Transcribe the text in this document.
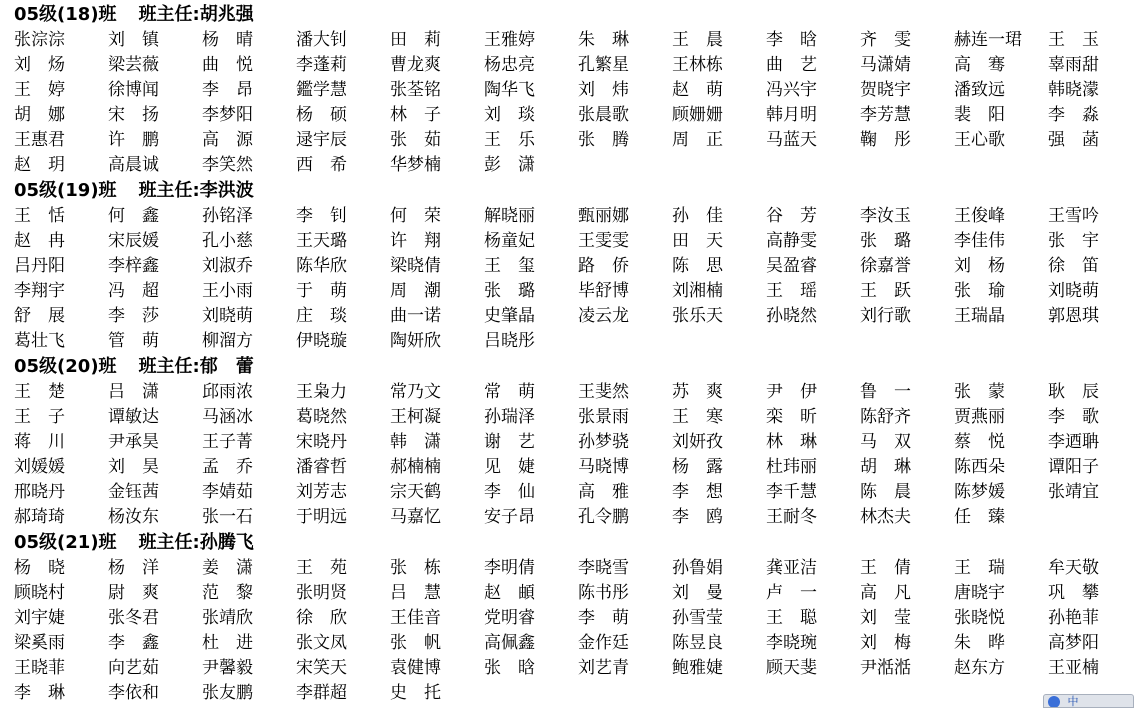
05级(18)班 班主任:胡兆强
张淙淙	刘　镇	杨　晴	潘大钊	田　莉	王雅婷	朱　琳	王　晨	李　晗	齐　雯	赫连一珺	王　玉
刘　炀	梁芸薇	曲　悦	李蓬莉	曹龙爽	杨忠亮	孔繁星	王林栋	曲　艺	马潇婧	高　骞	辜雨甜
王　婷	徐博闻	李　昂	鑑学慧	张荃铭	陶华飞	刘　炜	赵　萌	冯兴宇	贺晓宇	潘致远	韩晓濛
胡　娜	宋　扬	李梦阳	杨　硕	林　子	刘　琰	张晨歌	顾姗姗	韩月明	李芳慧	裴　阳	李　淼
王惠君	许　鹏	高　源	逯宇辰	张　茹	王　乐	张　腾	周　正	马蓝天	鞠　彤	王心歌	强　菡
赵　玥	高晨诚	李笑然	西　希	华梦楠	彭　潇
05级(19)班 班主任:李洪波
王　恬	何　鑫	孙铭泽	李　钊	何　荣	解晓丽	甄丽娜	孙　佳	谷　芳	李汝玉	王俊峰	王雪吟
赵　冉	宋辰媛	孔小慈	王天璐	许　翔	杨童妃	王雯雯	田　天	高静雯	张　璐	李佳伟	张　宇
吕丹阳	李梓鑫	刘淑乔	陈华欣	梁晓倩	王　玺	路　侨	陈　思	吴盈睿	徐嘉誉	刘　杨	徐　笛
李翔宇	冯　超	王小雨	于　萌	周　潮	张　璐	毕舒博	刘湘楠	王　瑶	王　跃	张　瑜	刘晓萌
舒　展	李　莎	刘晓萌	庄　琰	曲一诺	史肇晶	凌云龙	张乐天	孙晓然	刘行歌	王瑞晶	郭恩琪
葛壮飞	管　萌	柳溜方	伊晓璇	陶妍欣	吕晓彤
05级(20)班 班主任:郁　蕾
王　楚	吕　潇	邱雨浓	王枭力	常乃文	常　萌	王斐然	苏　爽	尹　伊	鲁　一	张　蒙	耿　辰
王　子	谭敏达	马涵冰	葛晓然	王柯凝	孙瑞泽	张景雨	王　寒	栾　昕	陈舒齐	贾燕丽	李　歌
蒋　川	尹承昊	王子菁	宋晓丹	韩　潇	谢　艺	孙梦骁	刘妍孜	林　琳	马　双	蔡　悦	李迺聃
刘媛媛	刘　昊	孟　乔	潘睿哲	郝楠楠	见　婕	马晓博	杨　露	杜玮丽	胡　琳	陈西朵	谭阳子
邢晓丹	金钰茜	李婧茹	刘芳志	宗天鹤	李　仙	高　雅	李　想	李千慧	陈　晨	陈梦媛	张靖宜
郝琦琦	杨汝东	张一石	于明远	马嘉忆	安子昂	孔令鹏	李　鸥	王耐冬	林杰夫	任　臻
05级(21)班 班主任:孙腾飞
杨　晓	杨　洋	姜　潇	王　苑	张　栋	李明倩	李晓雪	孙鲁娟	龚亚洁	王　倩	王　瑞	牟天敬
顾晓村	尉　爽	范　黎	张明贤	吕　慧	赵　頔	陈书彤	刘　曼	卢　一	高　凡	唐晓宇	巩　攀
刘宇婕	张冬君	张靖欣	徐　欣	王佳音	党明睿	李　萌	孙雪莹	王　聪	刘　莹	张晓悦	孙艳菲
梁奚雨	李　鑫	杜　进	张文凤	张　帆	高佩鑫	金作廷	陈昱良	李晓琬	刘　梅	朱　晔	高梦阳
王晓菲	向艺茹	尹馨毅	宋笑天	袁健博	张　晗	刘艺青	鲍雅婕	顾天斐	尹湉湉	赵东方	王亚楠
李　琳	李依和	张友鹏	李群超	史　托	中
